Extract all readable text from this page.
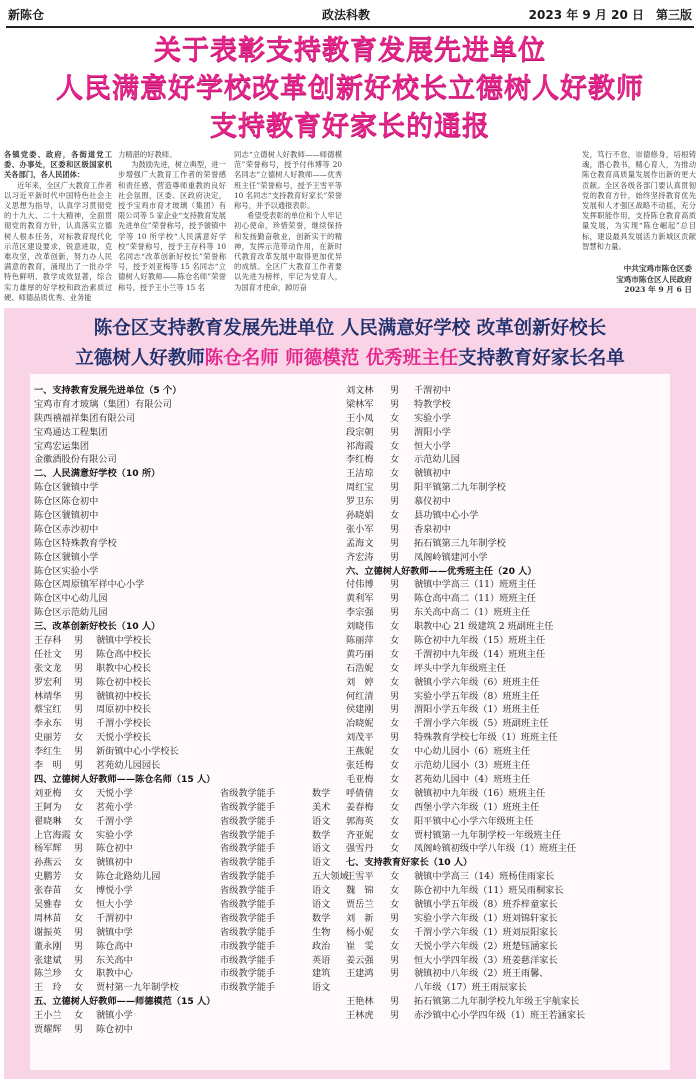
新陈仓	政法科教	2023 年 9 月 20 日　第三版
关于表彰支持教育发展先进单位
人民满意好学校改革创新好校长立德树人好教师
支持教育好家长的通报

各镇党委、政府，各街道党工委、办事处，区委和区级国家机关各部门，各人民团体：

近年来，全区广大教育工作者以习近平新时代中国特色社会主义思想为指导，认真学习贯彻党的十九大、二十大精神，全面贯彻党的教育方针，认真落实立德树人根本任务，对标教育现代化示范区建设要求，锐意进取，克难攻坚，改革创新，努力办人民满意的教育，涌现出了一批办学特色鲜明、教学成效显著，综合实力雄厚的好学校和政治素质过硬、师德品质优秀、业务能

力精湛的好教师。

为鼓励先进，树立典型，进一步增强广大教育工作者的荣誉感和责任感，营造尊师重教的良好社会氛围，区委、区政府决定，授予宝鸡市育才玻璃（集团）有限公司等 5 家企业“支持教育发展先进单位”荣誉称号，授予虢镇中学等 10 所学校“人民满意好学校”荣誉称号，授予王存科等 10 名同志“改革创新好校长”荣誉称号，授予刘亚梅等 15 名同志“立德树人好教师——陈仓名师”荣誉称号，授予王小兰等 15 名

同志“立德树人好教师——师德模范”荣誉称号，授予付伟博等 20 名同志“立德树人好教师——优秀班主任”荣誉称号，授予王雪平等 10 名同志“支持教育好家长”荣誉称号，并予以通报表彰。

希望受表彰的单位和个人牢记初心使命，珍惜荣誉，继续保持和发扬勤奋敬业，创新实干的精神，发挥示范带动作用，在新时代教育改革发展中取得更加优异的成绩。全区广大教育工作者要以先进为榜样，牢记为党育人，为国育才使命，踔厉奋

发，笃行不怠，崇德修身，培根铸魂，潜心教书，精心育人，为推动陈仓教育高质量发展作出新的更大贡献。全区各级各部门要认真贯彻党的教育方针，始终坚持教育优先发展和人才强区战略不动摇，充分发挥职能作用，支持陈仓教育高质量发展，为实现“陈仓崛起”总目标，建设最具发展活力新城区贡献智慧和力量。

中共宝鸡市陈仓区委
宝鸡市陈仓区人民政府
2023 年 9 月 6 日
陈仓区支持教育发展先进单位 人民满意好学校 改革创新好校长
立德树人好教师陈仓名师 师德模范 优秀班主任支持教育好家长名单
一、支持教育发展先进单位（5 个）
宝鸡市育才玻璃（集团）有限公司
陕西禧福祥集团有限公司
宝鸡通达工程集团
宝鸡宏运集团
金徽酒股份有限公司
二、人民满意好学校（10 所）
陈仓区虢镇中学
陈仓区陈仓初中
陈仓区虢镇初中
陈仓区赤沙初中
陈仓区特殊教育学校
陈仓区虢镇小学
陈仓区实验小学
陈仓区周原镇军祥中心小学
陈仓区中心幼儿园
陈仓区示范幼儿园
三、改革创新好校长（10 人）
王存科 男 虢镇中学校长
任社文 男 陈仓高中校长
张文龙 男 职教中心校长
罗宏利 男 陈仓初中校长
林靖华 男 虢镇初中校长
蔡宝红 男 周原初中校长
李永东 男 千渭小学校长
史丽芳 女 天悦小学校长
李红生 男 新街镇中心小学校长
李　明 男 茗苑幼儿园园长
四、立德树人好教师——陈仓名师（15 人）
刘亚梅 女 天悦小学	省级教学能手	数学
王阿为 女 茗苑小学	省级教学能手	美术
翟晓琳 女 千渭小学	省级教学能手	语文
上官海霞 女 实验小学	省级教学能手	数学
杨军辉 男 陈仓初中	省级教学能手	语文
孙燕云 女 虢镇初中	省级教学能手	语文
史鹏芳 女 陈仓北路幼儿园	省级教学能手	五大领域
张春苗 女 博悦小学	省级教学能手	语文
吴雅春 女 恒大小学	省级教学能手	语文
周林苗 女 千渭初中	省级教学能手	数学
谢振英 男 虢镇中学	省级教学能手	生物
董永刚 男 陈仓高中	市级教学能手	政治
张建斌 男 东关高中	市级教学能手	英语
陈兰珍 女 职教中心	市级教学能手	建筑
王　玲 女 贾村第一九年制学校	市级教学能手	语文
五、立德树人好教师——师德模范（15 人）
王小兰 女 虢镇小学
贾耀辉 男 陈仓初中
刘文林 男 千渭初中
梁林军 男 特教学校
王小凤 女 实验小学
段宗朝 男 渭阳小学
祁海霞 女 恒大小学
李红梅 女 示范幼儿园
王洁琼 女 虢镇初中
周红宝 男 阳平镇第二九年制学校
罗卫东 男 慕仪初中
孙晓娟 女 县功镇中心小学
张小军 男 香泉初中
孟海文 男 拓石镇第三九年制学校
齐宏涛 男 凤阁岭镇建河小学
六、立德树人好教师——优秀班主任（20 人）
付伟博 男 虢镇中学高三（11）班班主任
黄利军 男 陈仓高中高二（11）班班主任
李宗强 男 东关高中高二（1）班班主任
刘晓伟 女 职教中心 21 级建筑 2 班副班主任
陈丽萍 女 陈仓初中九年级（15）班班主任
黄巧丽 女 千渭初中九年级（14）班班主任
石浩妮 女 坪头中学九年级班主任
刘　婷 女 虢镇小学六年级（6）班班主任
何红清 男 实验小学五年级（8）班班主任
侯建刚 男 渭阳小学五年级（1）班班主任
冶晓妮 女 千渭小学六年级（5）班副班主任
刘茂平 男 特殊教育学校七年级（1）班班主任
王燕妮 女 中心幼儿园小（6）班班主任
张廷梅 女 示范幼儿园小（3）班班主任
毛亚梅 女 茗苑幼儿园中（4）班班主任
呼倩倩 女 虢镇初中九年级（16）班班主任
姜春梅 女 西堡小学六年级（1）班班主任
郭海英 女 阳平镇中心小学六年级班主任
齐亚妮 女 贾村镇第一九年制学校一年级班主任
强雪丹 女 凤阁岭镇初级中学八年级（1）班班主任
七、支持教育好家长（10 人）
王雪平 女 虢镇中学高三（14）班杨佳雨家长
魏　锦 女 陈仓初中九年级（11）班吴雨桐家长
贾岳兰 女 虢镇小学五年级（8）班乔梓童家长
刘　新 男 实验小学六年级（1）班刘锦轩家长
杨小妮 女 千渭小学六年级（1）班刘辰阳家长
崔　雯 女 天悦小学六年级（2）班楚钰涵家长
姜云强 男 恒大小学四年级（3）班姜慈洋家长
王建鸿 男 虢镇初中八年级（2）班王雨馨、
八年级（17）班王雨辰家长
王艳林 男 拓石镇第二九年制学校九年级王宇航家长
王林虎 男 赤沙镇中心小学四年级（1）班王若涵家长
